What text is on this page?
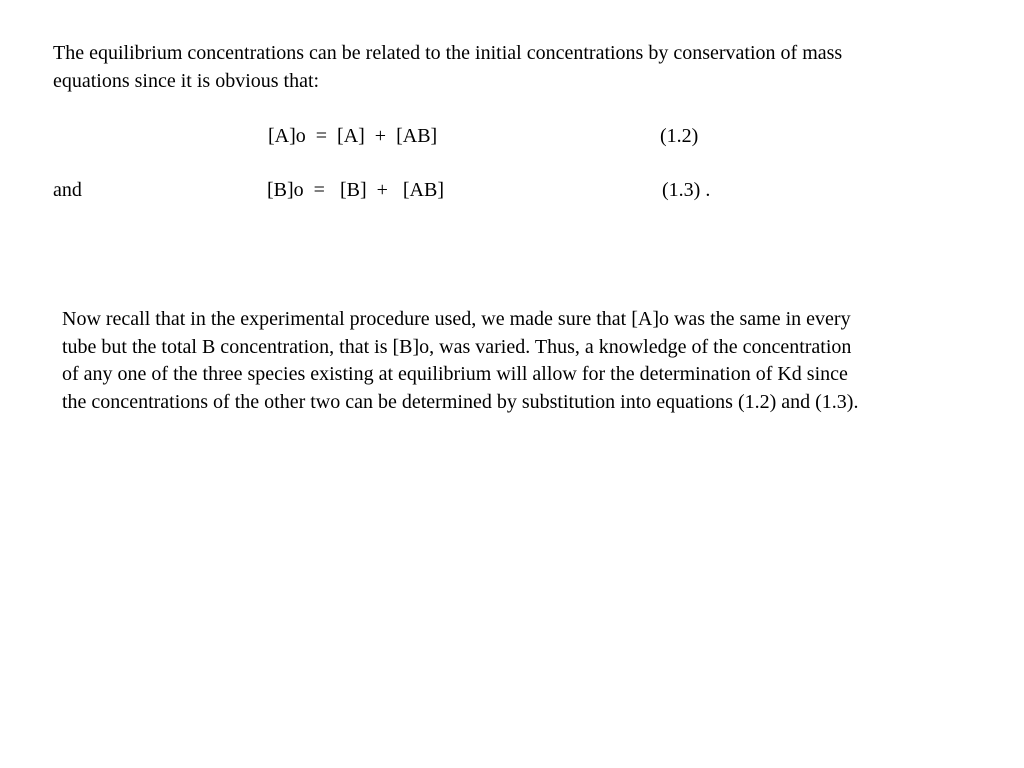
The equilibrium concentrations can be related to the initial concentrations by conservation of mass
equations since it is obvious that:

[A]o  =  [A]  +  [AB]	(1.2)
and	[B]o  =   [B]  +   [AB]	(1.3) .

Now recall that in the experimental procedure used, we made sure that [A]o was the same in every
tube but the total B concentration, that is [B]o, was varied. Thus, a knowledge of the concentration
of any one of the three species existing at equilibrium will allow for the determination of Kd since
the concentrations of the other two can be determined by substitution into equations (1.2) and (1.3).
